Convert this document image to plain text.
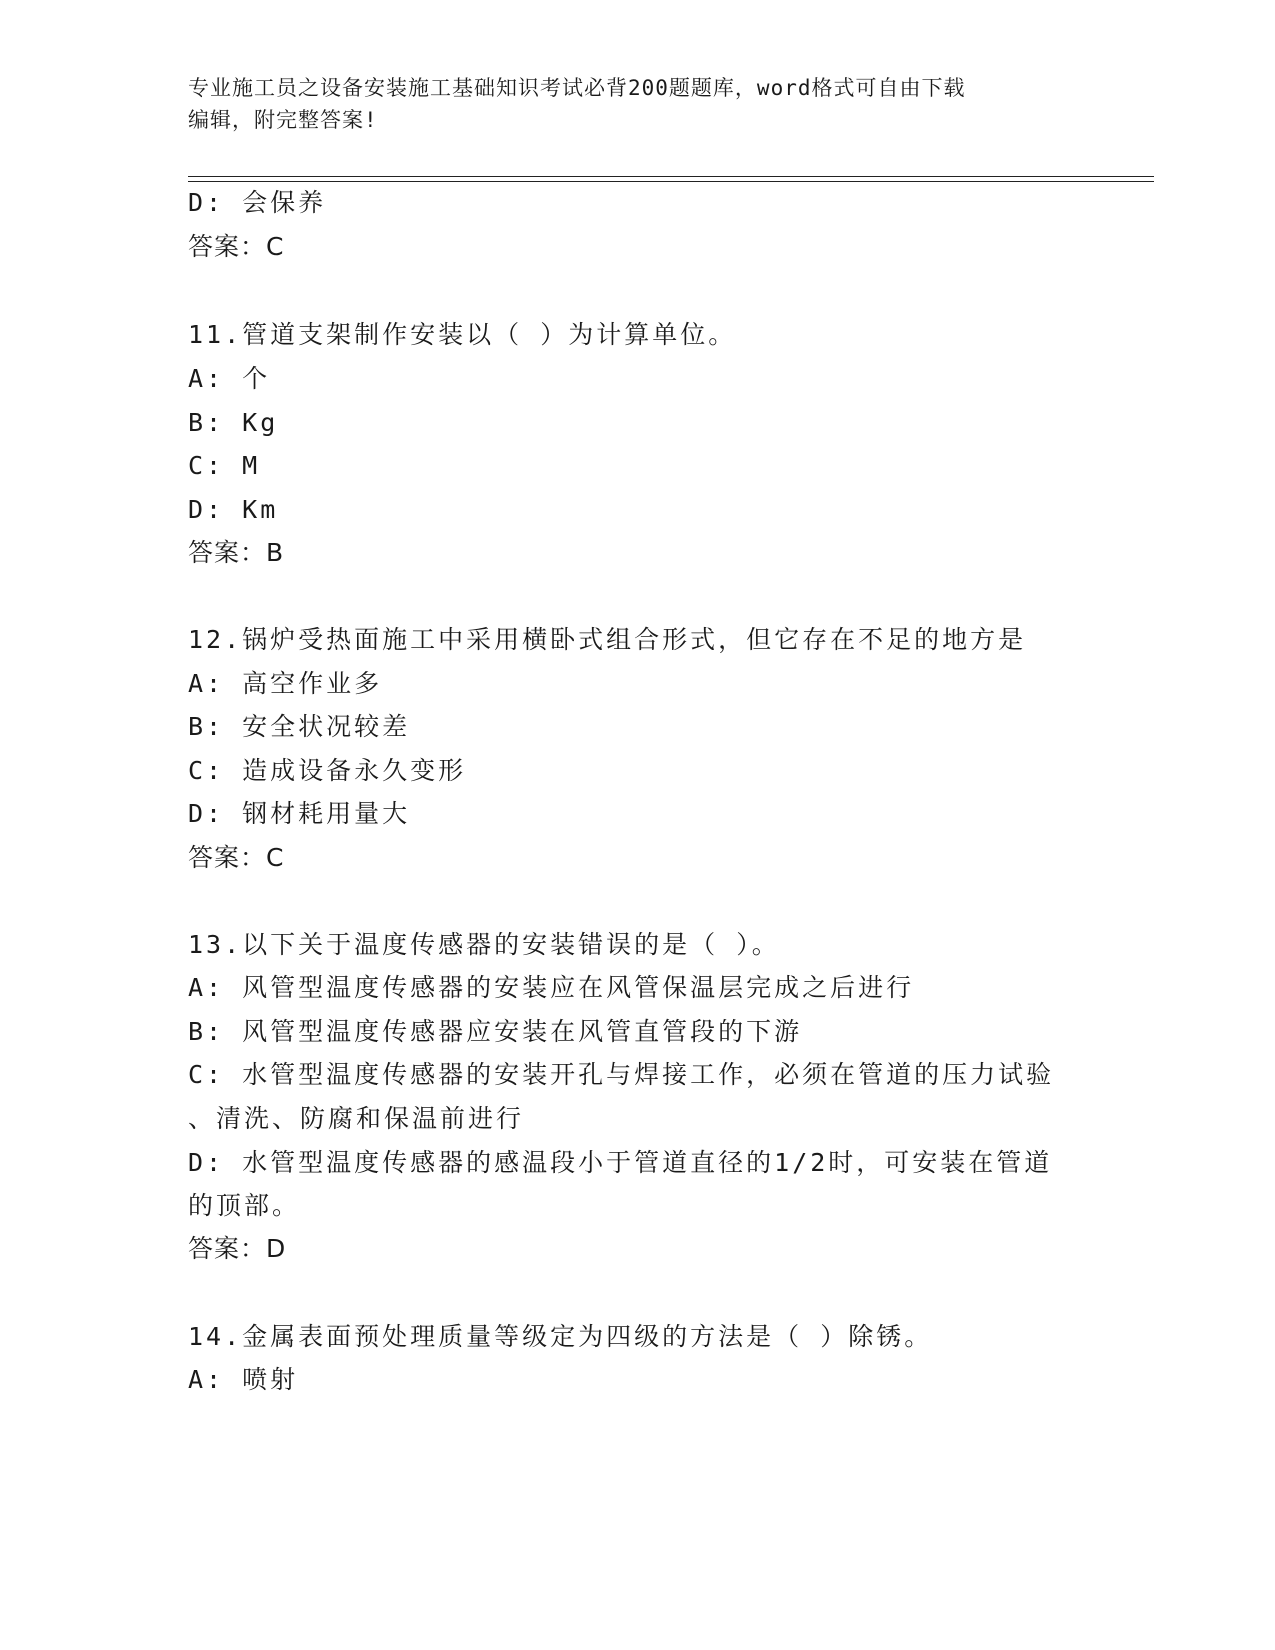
专业施工员之设备安装施工基础知识考试必背200题题库，word格式可自由下载
编辑，附完整答案!
D: 会保养
答案：C
11.管道支架制作安装以（ ）为计算单位。
A: 个
B: Kg
C: M
D: Km
答案：B
12.锅炉受热面施工中采用横卧式组合形式，但它存在不足的地方是
A: 高空作业多
B: 安全状况较差
C: 造成设备永久变形
D: 钢材耗用量大
答案：C
13.以下关于温度传感器的安装错误的是（ ）。
A: 风管型温度传感器的安装应在风管保温层完成之后进行
B: 风管型温度传感器应安装在风管直管段的下游
C: 水管型温度传感器的安装开孔与焊接工作，必须在管道的压力试验
、清洗、防腐和保温前进行
D: 水管型温度传感器的感温段小于管道直径的1/2时，可安装在管道
的顶部。
答案：D
14.金属表面预处理质量等级定为四级的方法是（ ）除锈。
A: 喷射
